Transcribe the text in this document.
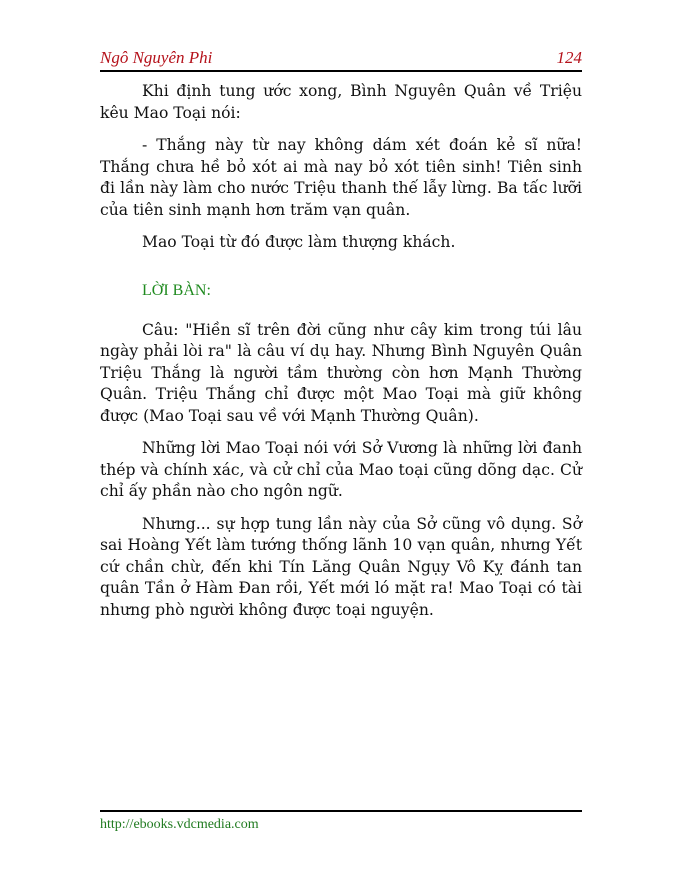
Ngô Nguyên Phi	124

Khi định tung ước xong, Bình Nguyên Quân về Triệu kêu Mao Toại nói:

- Thắng này từ nay không dám xét đoán kẻ sĩ nữa! Thắng chưa hề bỏ xót ai mà nay bỏ xót tiên sinh! Tiên sinh đi lần này làm cho nước Triệu thanh thế lẫy lừng. Ba tấc lưỡi của tiên sinh mạnh hơn trăm vạn quân.

Mao Toại từ đó được làm thượng khách.

LỜI BÀN:

Câu: "Hiền sĩ trên đời cũng như cây kim trong túi lâu ngày phải lòi ra" là câu ví dụ hay. Nhưng Bình Nguyên Quân Triệu Thắng là người tầm thường còn hơn Mạnh Thường Quân. Triệu Thắng chỉ được một Mao Toại mà giữ không được (Mao Toại sau về với Mạnh Thường Quân).

Những lời Mao Toại nói với Sở Vương là những lời đanh thép và chính xác, và cử chỉ của Mao toại cũng dõng dạc. Cử chỉ ấy phần nào cho ngôn ngữ.

Nhưng... sự hợp tung lần này của Sở cũng vô dụng. Sở sai Hoàng Yết làm tướng thống lãnh 10 vạn quân, nhưng Yết cứ chần chừ, đến khi Tín Lăng Quân Ngụy Vô Kỵ đánh tan quân Tần ở Hàm Đan rồi, Yết mới ló mặt ra! Mao Toại có tài nhưng phò người không được toại nguyện.

http://ebooks.vdcmedia.com
